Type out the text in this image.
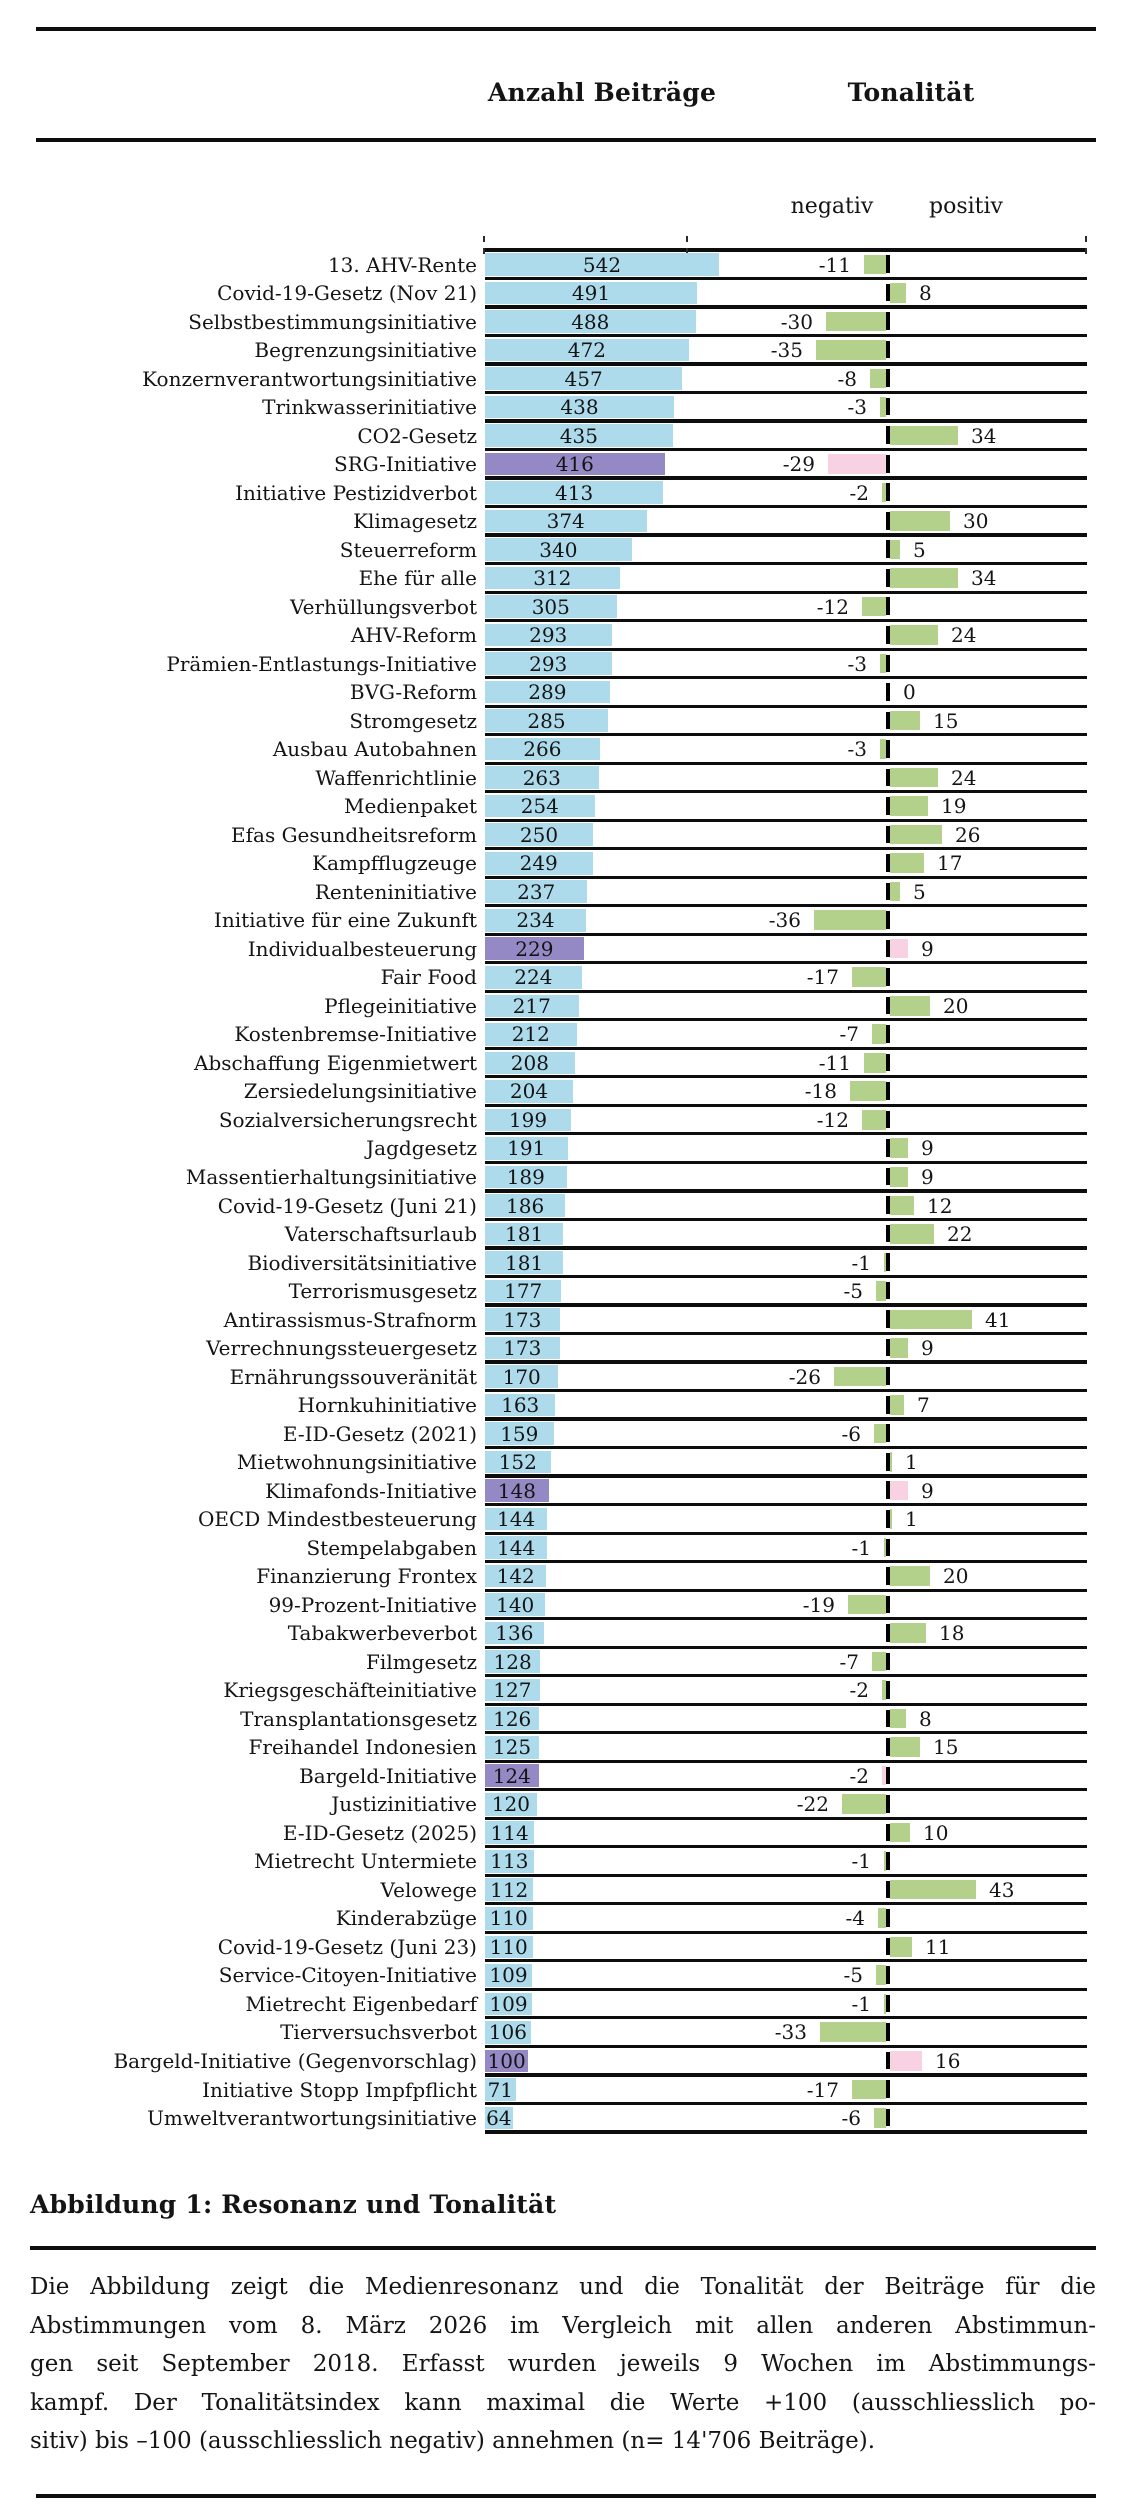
Anzahl Beiträge	Tonalität
negativ	positiv
13. AHV-Rente	542	-11
Covid-19-Gesetz (Nov 21)	491	8
Selbstbestimmungsinitiative	488	-30
Begrenzungsinitiative	472	-35
Konzernverantwortungsinitiative	457	-8
Trinkwasserinitiative	438	-3
CO2-Gesetz	435	34
SRG-Initiative	416	-29
Initiative Pestizidverbot	413	-2
Klimagesetz	374	30
Steuerreform	340	5
Ehe für alle	312	34
Verhüllungsverbot	305	-12
AHV-Reform	293	24
Prämien-Entlastungs-Initiative	293	-3
BVG-Reform	289	0
Stromgesetz	285	15
Ausbau Autobahnen 266	-3
Waffenrichtlinie 263	24
Medienpaket 254	19
Efas Gesundheitsreform 250	26
Kampfflugzeuge 249	17
Renteninitiative 237	5
Initiative für eine Zukunft 234	-36
Individualbesteuerung 229	9
Fair Food 224	-17
Pflegeinitiative 217	20
Kostenbremse-Initiative 212	-7
Abschaffung Eigenmietwert 208	-11
Zersiedelungsinitiative 204	-18
Sozialversicherungsrecht 199	-12
Jagdgesetz 191	9
Massentierhaltungsinitiative 189	9
Covid-19-Gesetz (Juni 21) 186	12
Vaterschaftsurlaub 181	22
Biodiversitätsinitiative 181	-1
Terrorismusgesetz 177	-5
Antirassismus-Strafnorm 173	41
Verrechnungssteuergesetz 173	9
Ernährungssouveränität 170	-26
Hornkuhinitiative 163	7
E-ID-Gesetz (2021) 159	-6
Mietwohnungsinitiative 152	1
Klimafonds-Initiative 148	9
OECD Mindestbesteuerung 144	1
Stempelabgaben 144	-1
Finanzierung Frontex 142	20
99-Prozent-Initiative 140	-19
Tabakwerbeverbot 136	18
Filmgesetz 128	-7
Kriegsgeschäfteinitiative 127	-2
Transplantationsgesetz 126	8
Freihandel Indonesien 125	15
Bargeld-Initiative 124	-2
Justizinitiative 120	-22
E-ID-Gesetz (2025) 114	10
Mietrecht Untermiete 113	-1
Velowege 112	43
Kinderabzüge 110	-4
Covid-19-Gesetz (Juni 23) 110	11
Service-Citoyen-Initiative 109	-5
Mietrecht Eigenbedarf 109	-1
Tierversuchsverbot 106	-33
Bargeld-Initiative (Gegenvorschlag) 100	16
Initiative Stopp Impfpflicht 71	-17
Umweltverantwortungsinitiative 64	-6
Abbildung 1: Resonanz und Tonalität
Die Abbildung zeigt die Medienresonanz und die Tonalität der Beiträge für die
Abstimmungen vom 8. März 2026 im Vergleich mit allen anderen Abstimmun-
gen seit September 2018. Erfasst wurden jeweils 9 Wochen im Abstimmungs-
kampf. Der Tonalitätsindex kann maximal die Werte +100 (ausschliesslich po-
sitiv) bis –100 (ausschliesslich negativ) annehmen (n= 14'706 Beiträge).
